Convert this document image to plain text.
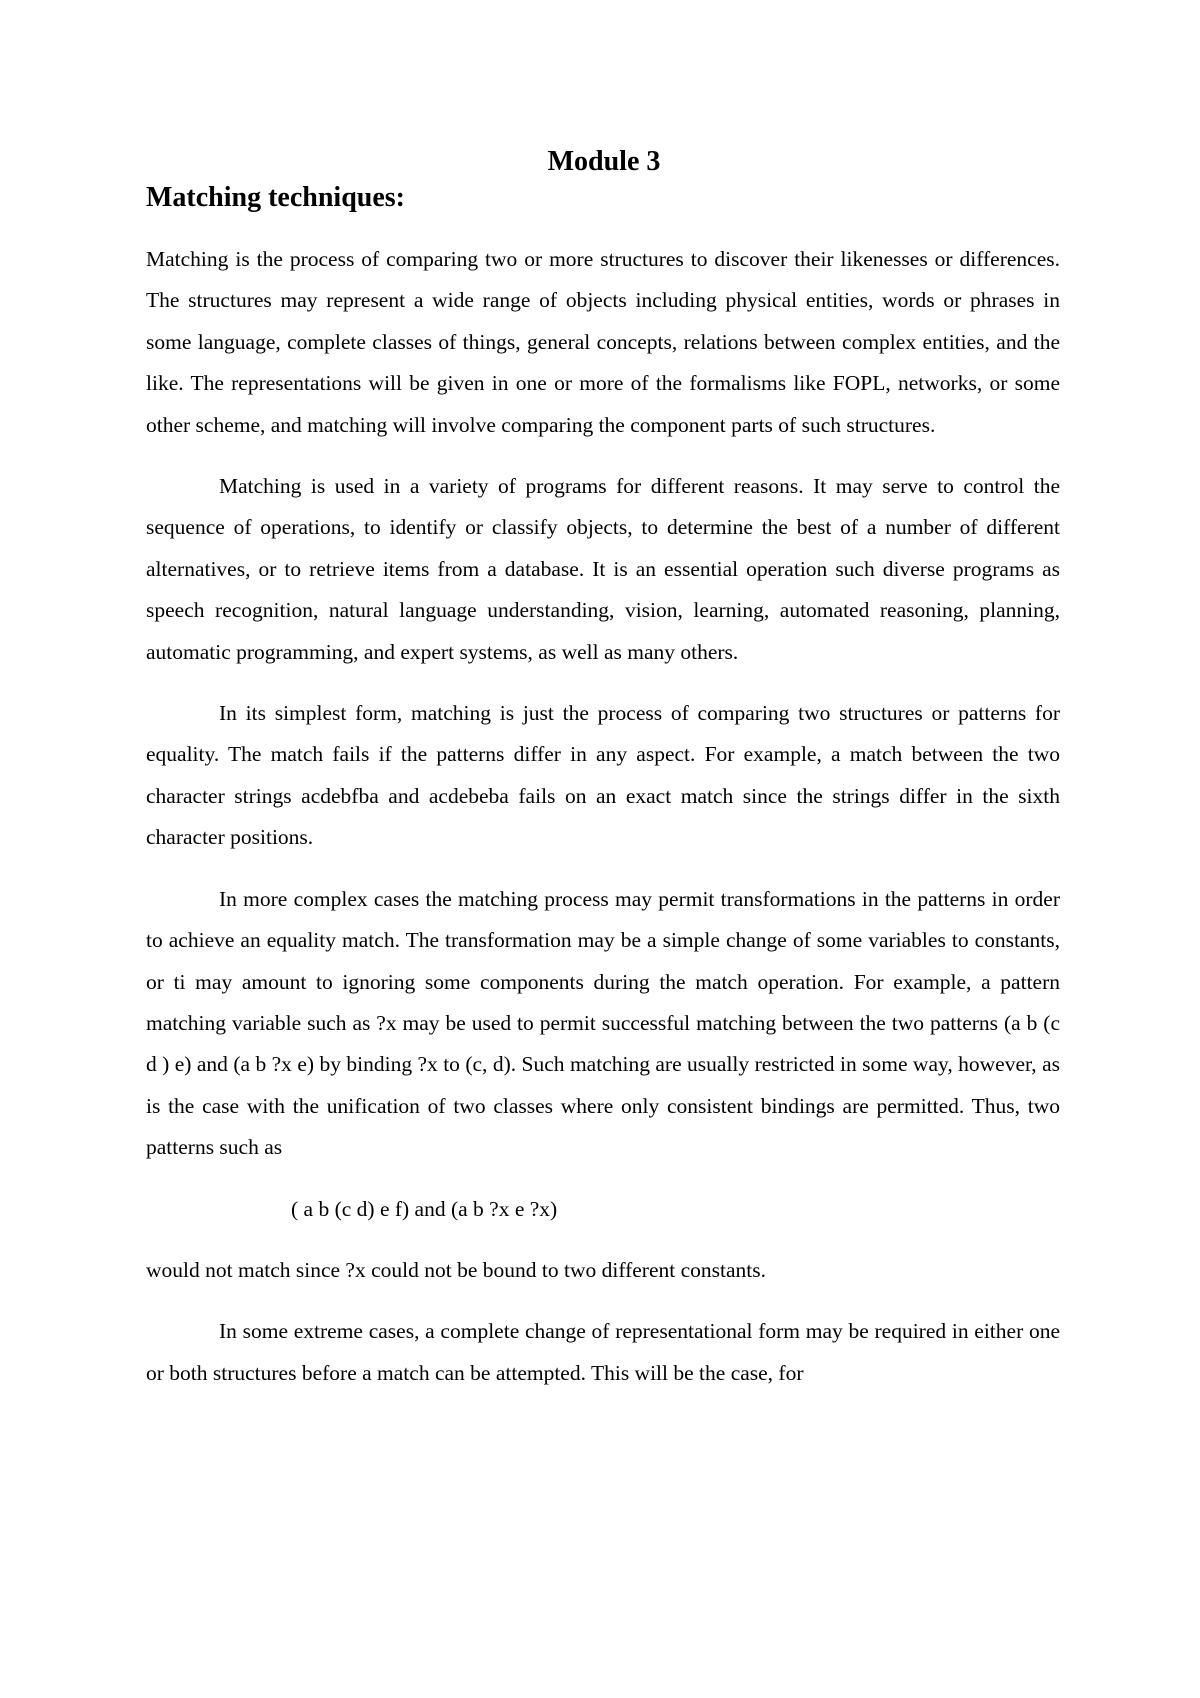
Module 3
Matching techniques:

Matching is the process of comparing two or more structures to discover their likenesses or differences. The structures may represent a wide range of objects including physical entities, words or phrases in some language, complete classes of things, general concepts, relations between complex entities, and the like. The representations will be given in one or more of the formalisms like FOPL, networks, or some other scheme, and matching will involve comparing the component parts of such structures.

Matching is used in a variety of programs for different reasons. It may serve to control the sequence of operations, to identify or classify objects, to determine the best of a number of different alternatives, or to retrieve items from a database. It is an essential operation such diverse programs as speech recognition, natural language understanding, vision, learning, automated reasoning, planning, automatic programming, and expert systems, as well as many others.

In its simplest form, matching is just the process of comparing two structures or patterns for equality. The match fails if the patterns differ in any aspect. For example, a match between the two character strings acdebfba and acdebeba fails on an exact match since the strings differ in the sixth character positions.

In more complex cases the matching process may permit transformations in the patterns in order to achieve an equality match. The transformation may be a simple change of some variables to constants, or ti may amount to ignoring some components during the match operation. For example, a pattern matching variable such as ?x may be used to permit successful matching between the two patterns (a b (c d ) e) and (a b ?x e) by binding ?x to (c, d). Such matching are usually restricted in some way, however, as is the case with the unification of two classes where only consistent bindings are permitted. Thus, two patterns such as

( a b (c d) e f) and (a b ?x e ?x)

would not match since ?x could not be bound to two different constants.

In some extreme cases, a complete change of representational form may be required in either one or both structures before a match can be attempted. This will be the case, for
